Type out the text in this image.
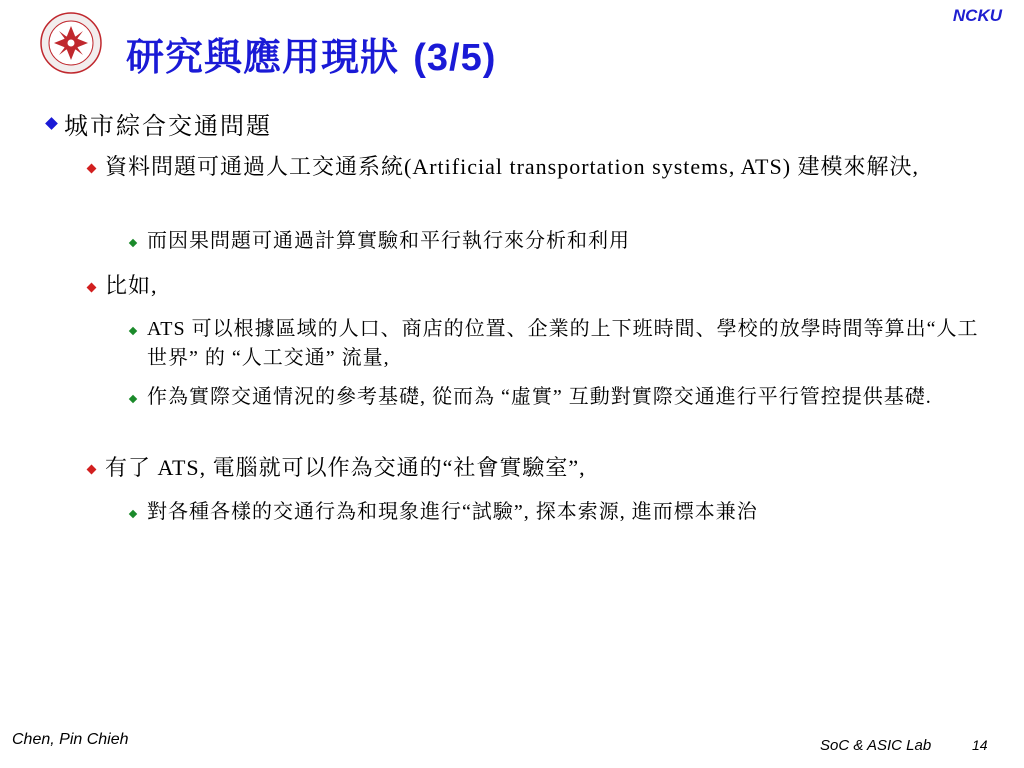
NCKU
研究與應用現狀 (3/5)
城市綜合交通問題
資料問題可通過人工交通系統(Artificial transportation systems, ATS) 建模來解決,
而因果問題可通過計算實驗和平行執行來分析和利用
比如,
ATS 可以根據區域的人口、商店的位置、企業的上下班時間、學校的放學時間等算出“人工世界” 的 “人工交通” 流量,
作為實際交通情況的參考基礎, 從而為 “虛實” 互動對實際交通進行平行管控提供基礎.
有了 ATS, 電腦就可以作為交通的“社會實驗室”,
對各種各樣的交通行為和現象進行“試驗”, 探本索源, 進而標本兼治
Chen, Pin Chieh	SoC & ASIC Lab	14
